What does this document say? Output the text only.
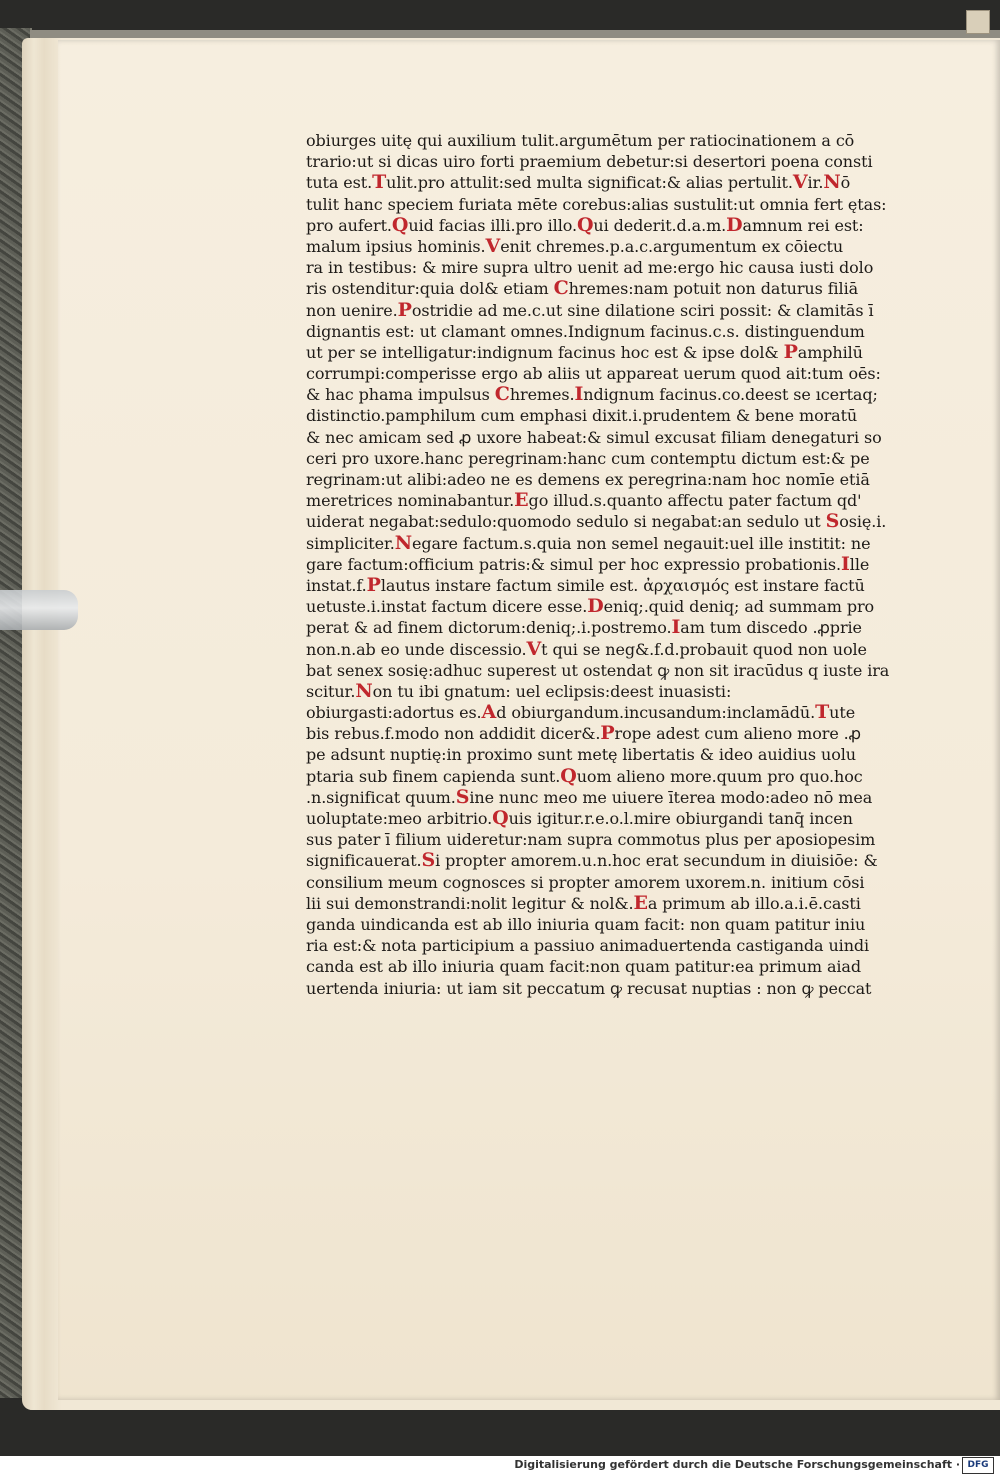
obiurges uitę qui auxilium tulit.argumētum per ratiocinationem a cō
trario:ut si dicas uiro forti praemium debetur:si desertori poena consti
tuta est.Tulit.pro attulit:sed multa significat:& alias pertulit.Vir.Nō
tulit hanc speciem furiata mēte corebus:alias sustulit:ut omnia fert ętas:
pro aufert.Quid facias illi.pro illo.Qui dederit.d.a.m.Damnum rei est:
malum ipsius hominis.Venit chremes.p.a.c.argumentum ex cōiectu
ra in testibus: & mire supra ultro uenit ad me:ergo hic causa iusti dolo
ris ostenditur:quia dol& etiam Chremes:nam potuit non daturus filiā
non uenire.Postridie ad me.c.ut sine dilatione sciri possit: & clamitās ī
dignantis est: ut clamant omnes.Indignum facinus.c.s. distinguendum
ut per se intelligatur:indignum facinus hoc est & ipse dol& Pamphilū
corrumpi:comperisse ergo ab aliis ut appareat uerum quod ait:tum oēs:
& hac phama impulsus Chremes.Indignum facinus.co.deest se ıcertaq;
distinctio.pamphilum cum emphasi dixit.i.prudentem & bene moratū
& nec amicam sed ꝓ uxore habeat:& simul excusat filiam denegaturi so
ceri pro uxore.hanc peregrinam:hanc cum contemptu dictum est:& pe
regrinam:ut alibi:adeo ne es demens ex peregrina:nam hoc nomīe etiā
meretrices nominabantur.Ego illud.s.quanto affectu pater factum qd'
uiderat negabat:sedulo:quomodo sedulo si negabat:an sedulo ut Sosię.i.
simpliciter.Negare factum.s.quia non semel negauit:uel ille institit: ne
gare factum:officium patris:& simul per hoc expressio probationis.Ille
instat.f.Plautus instare factum simile est. ἀρχαισμός est instare factū
uetuste.i.instat factum dicere esse.Deniq;.quid deniq; ad summam pro
perat & ad finem dictorum:deniq;.i.postremo.Iam tum discedo .ꝓprie
non.n.ab eo unde discessio.Vt qui se neg&.f.d.probauit quod non uole
bat senex sosię:adhuc superest ut ostendat ꝙ non sit iracūdus q iuste ira
scitur.Non tu ibi gnatum: uel eclipsis:deest inuasisti:
obiurgasti:adortus es.Ad obiurgandum.incusandum:inclamādū.Tute
bis rebus.f.modo non addidit dicer&.Prope adest cum alieno more .ꝓ
pe adsunt nuptię:in proximo sunt metę libertatis & ideo auidius uolu
ptaria sub finem capienda sunt.Quom alieno more.quum pro quo.hoc
.n.significat quum.Sine nunc meo me uiuere īterea modo:adeo nō mea
uoluptate:meo arbitrio.Quis igitur.r.e.o.l.mire obiurgandi tanq̄ incen
sus pater ī filium uideretur:nam supra commotus plus per aposiopesim
significauerat.Si propter amorem.u.n.hoc erat secundum in diuisiōe: &
consilium meum cognosces si propter amorem uxorem.n. initium cōsi
lii sui demonstrandi:nolit legitur & nol&.Ea primum ab illo.a.i.ē.casti
ganda uindicanda est ab illo iniuria quam facit: non quam patitur iniu
ria est:& nota participium a passiuo animaduertenda castiganda uindi
canda est ab illo iniuria quam facit:non quam patitur:ea primum aiad
uertenda iniuria: ut iam sit peccatum ꝙ recusat nuptias : non ꝙ peccat
Digitalisierung gefördert durch die Deutsche Forschungsgemeinschaft · DFG
